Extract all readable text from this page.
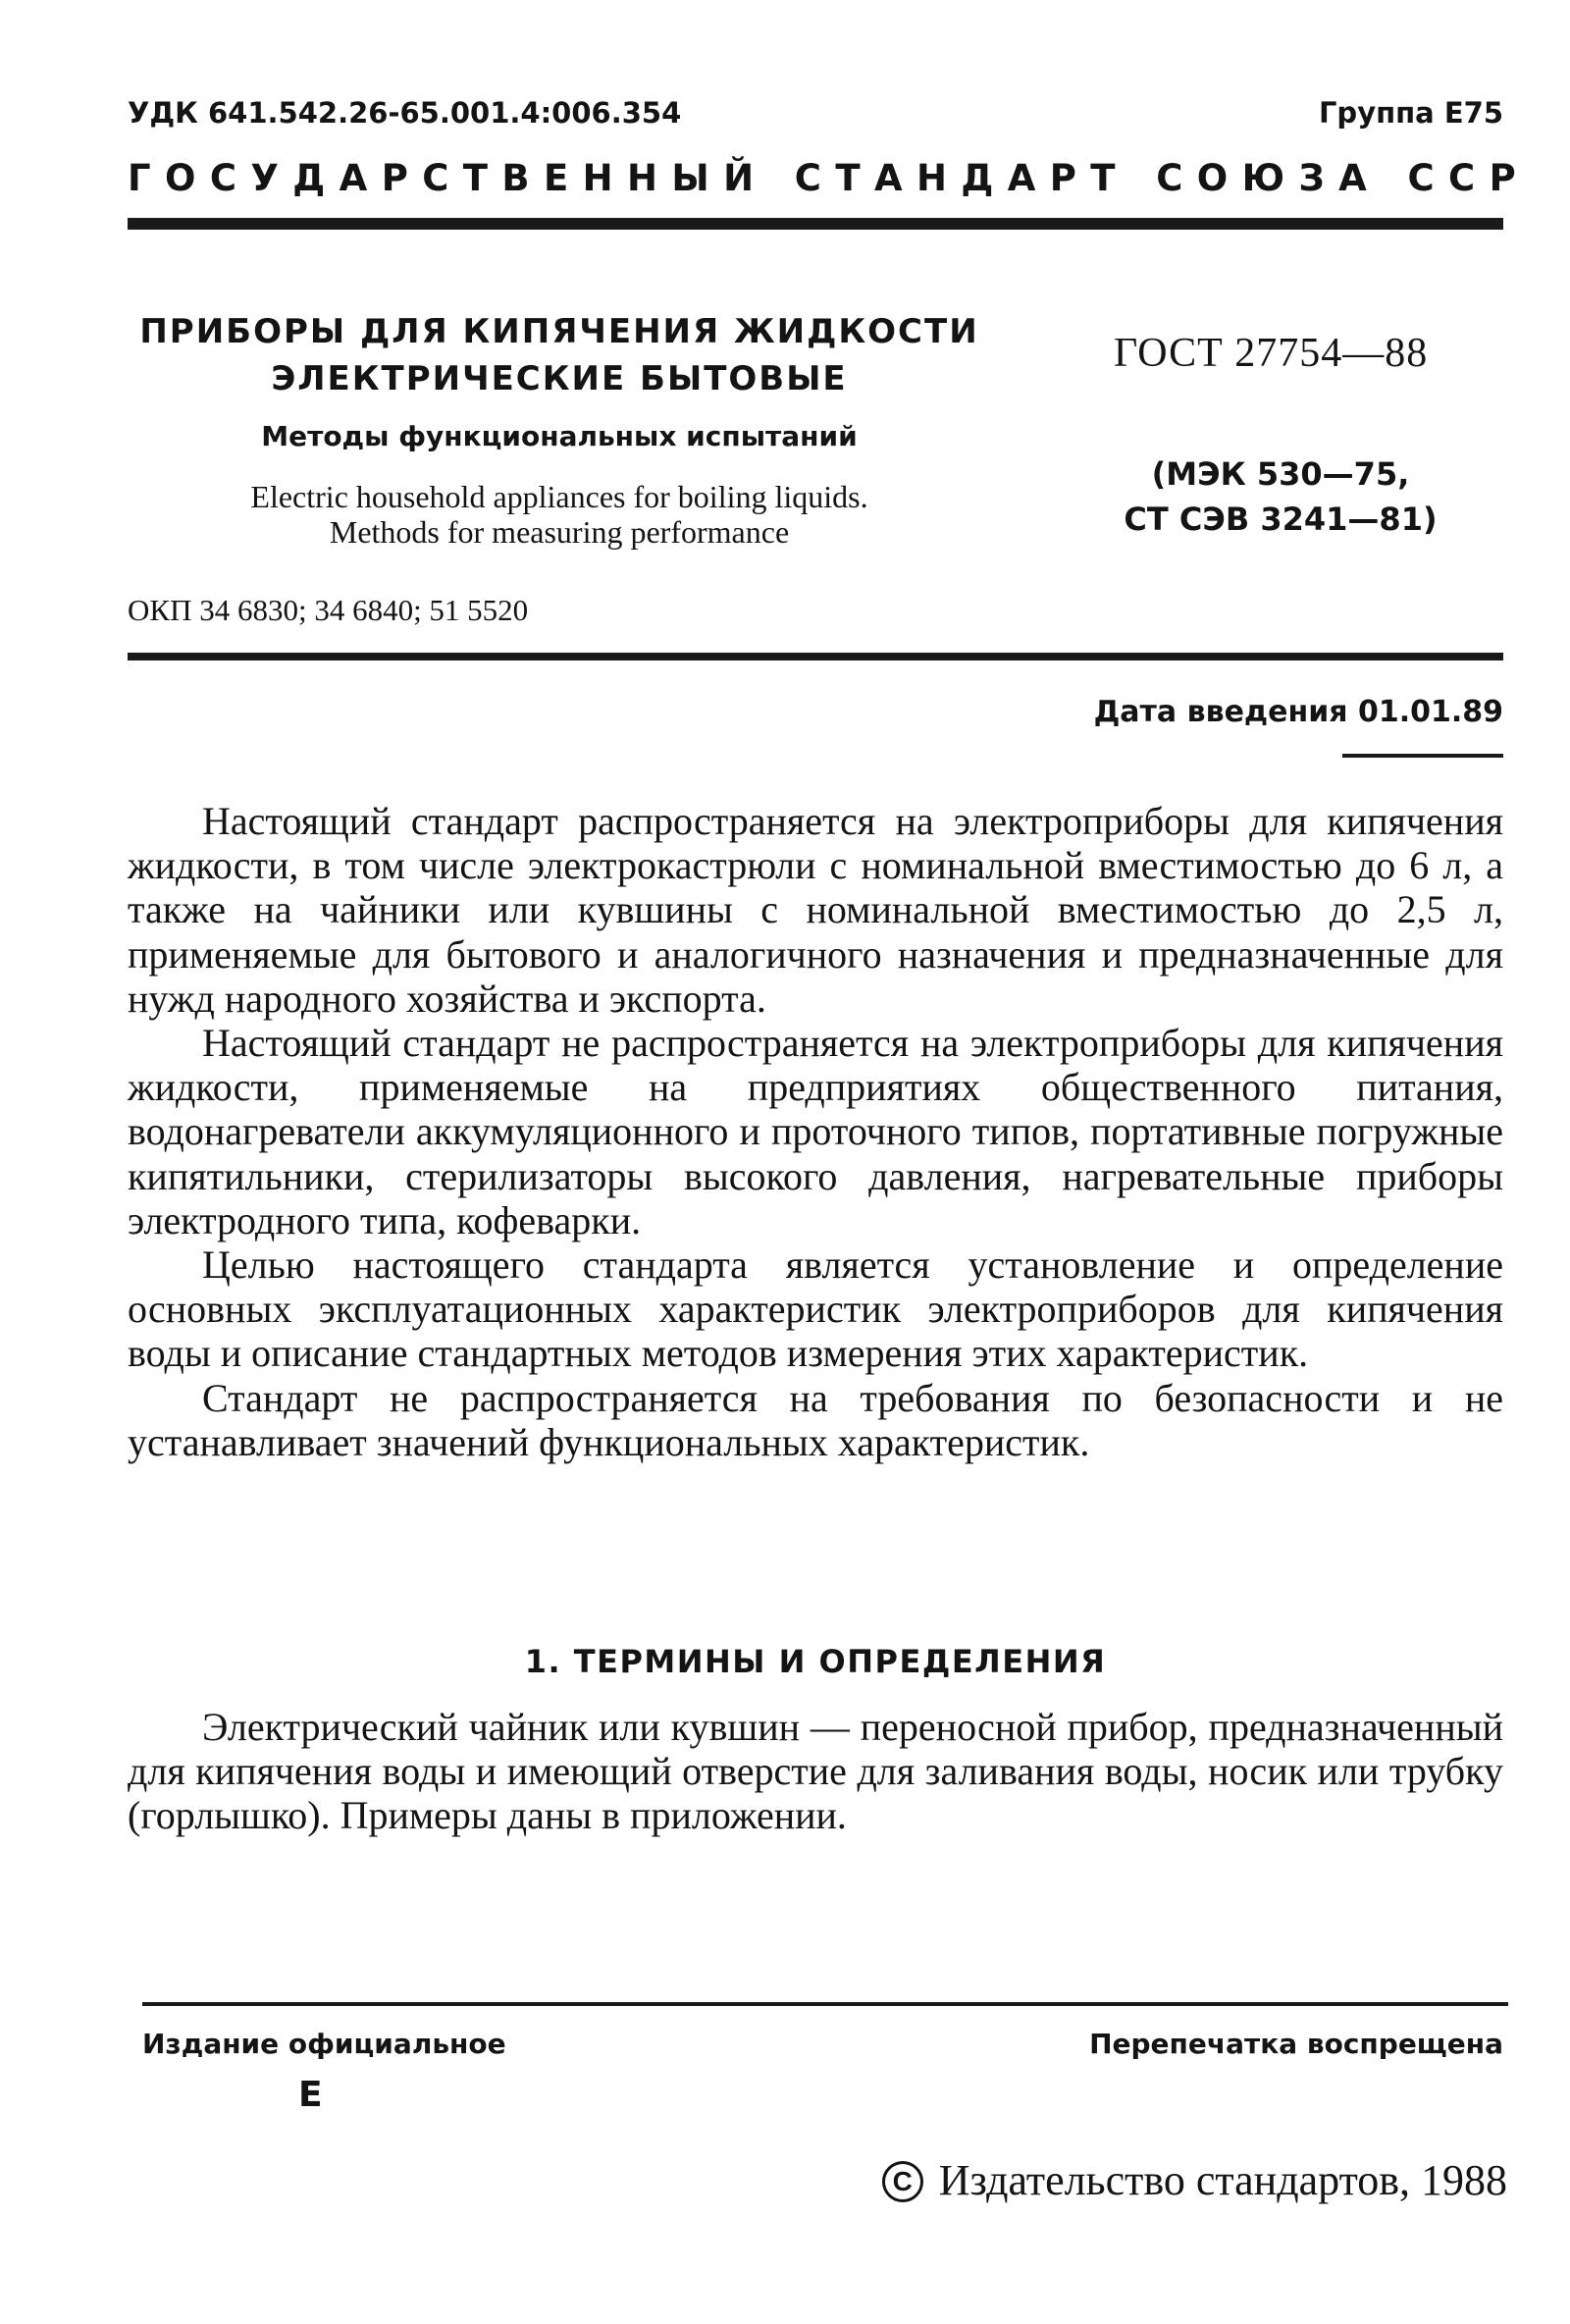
УДК 641.542.26-65.001.4:006.354	Группа Е75
ГОСУДАРСТВЕННЫЙ СТАНДАРТ СОЮЗА ССР
ПРИБОРЫ ДЛЯ КИПЯЧЕНИЯ ЖИДКОСТИ
ЭЛЕКТРИЧЕСКИЕ БЫТОВЫЕ
Методы функциональных испытаний
Electric household appliances for boiling liquids.
Methods for measuring performance
ГОСТ 27754—88
(МЭК 530—75,
СТ СЭВ 3241—81)
ОКП 34 6830; 34 6840; 51 5520
Дата введения 01.01.89

Настоящий стандарт распространяется на электроприборы для кипячения жидкости, в том числе электрокастрюли с номинальной вместимостью до 6 л, а также на чайники или кувшины с номинальной вместимостью до 2,5 л, применяемые для бытового и аналогичного назначения и предназначенные для нужд народного хозяйства и экспорта.

Настоящий стандарт не распространяется на электроприборы для кипячения жидкости, применяемые на предприятиях общественного питания, водонагреватели аккумуляционного и проточного типов, портативные погружные кипятильники, стерилизаторы высокого давления, нагревательные приборы электродного типа, кофеварки.

Целью настоящего стандарта является установление и определение основных эксплуатационных характеристик электроприборов для кипячения воды и описание стандартных методов измерения этих характеристик.

Стандарт не распространяется на требования по безопасности и не устанавливает значений функциональных характеристик.

1. ТЕРМИНЫ И ОПРЕДЕЛЕНИЯ

Электрический чайник или кувшин — переносной прибор, предназначенный для кипячения воды и имеющий отверстие для заливания воды, носик или трубку (горлышко). Примеры даны в приложении.

Издание официальное
Е
Перепечатка воспрещена
C Издательство стандартов, 1988
